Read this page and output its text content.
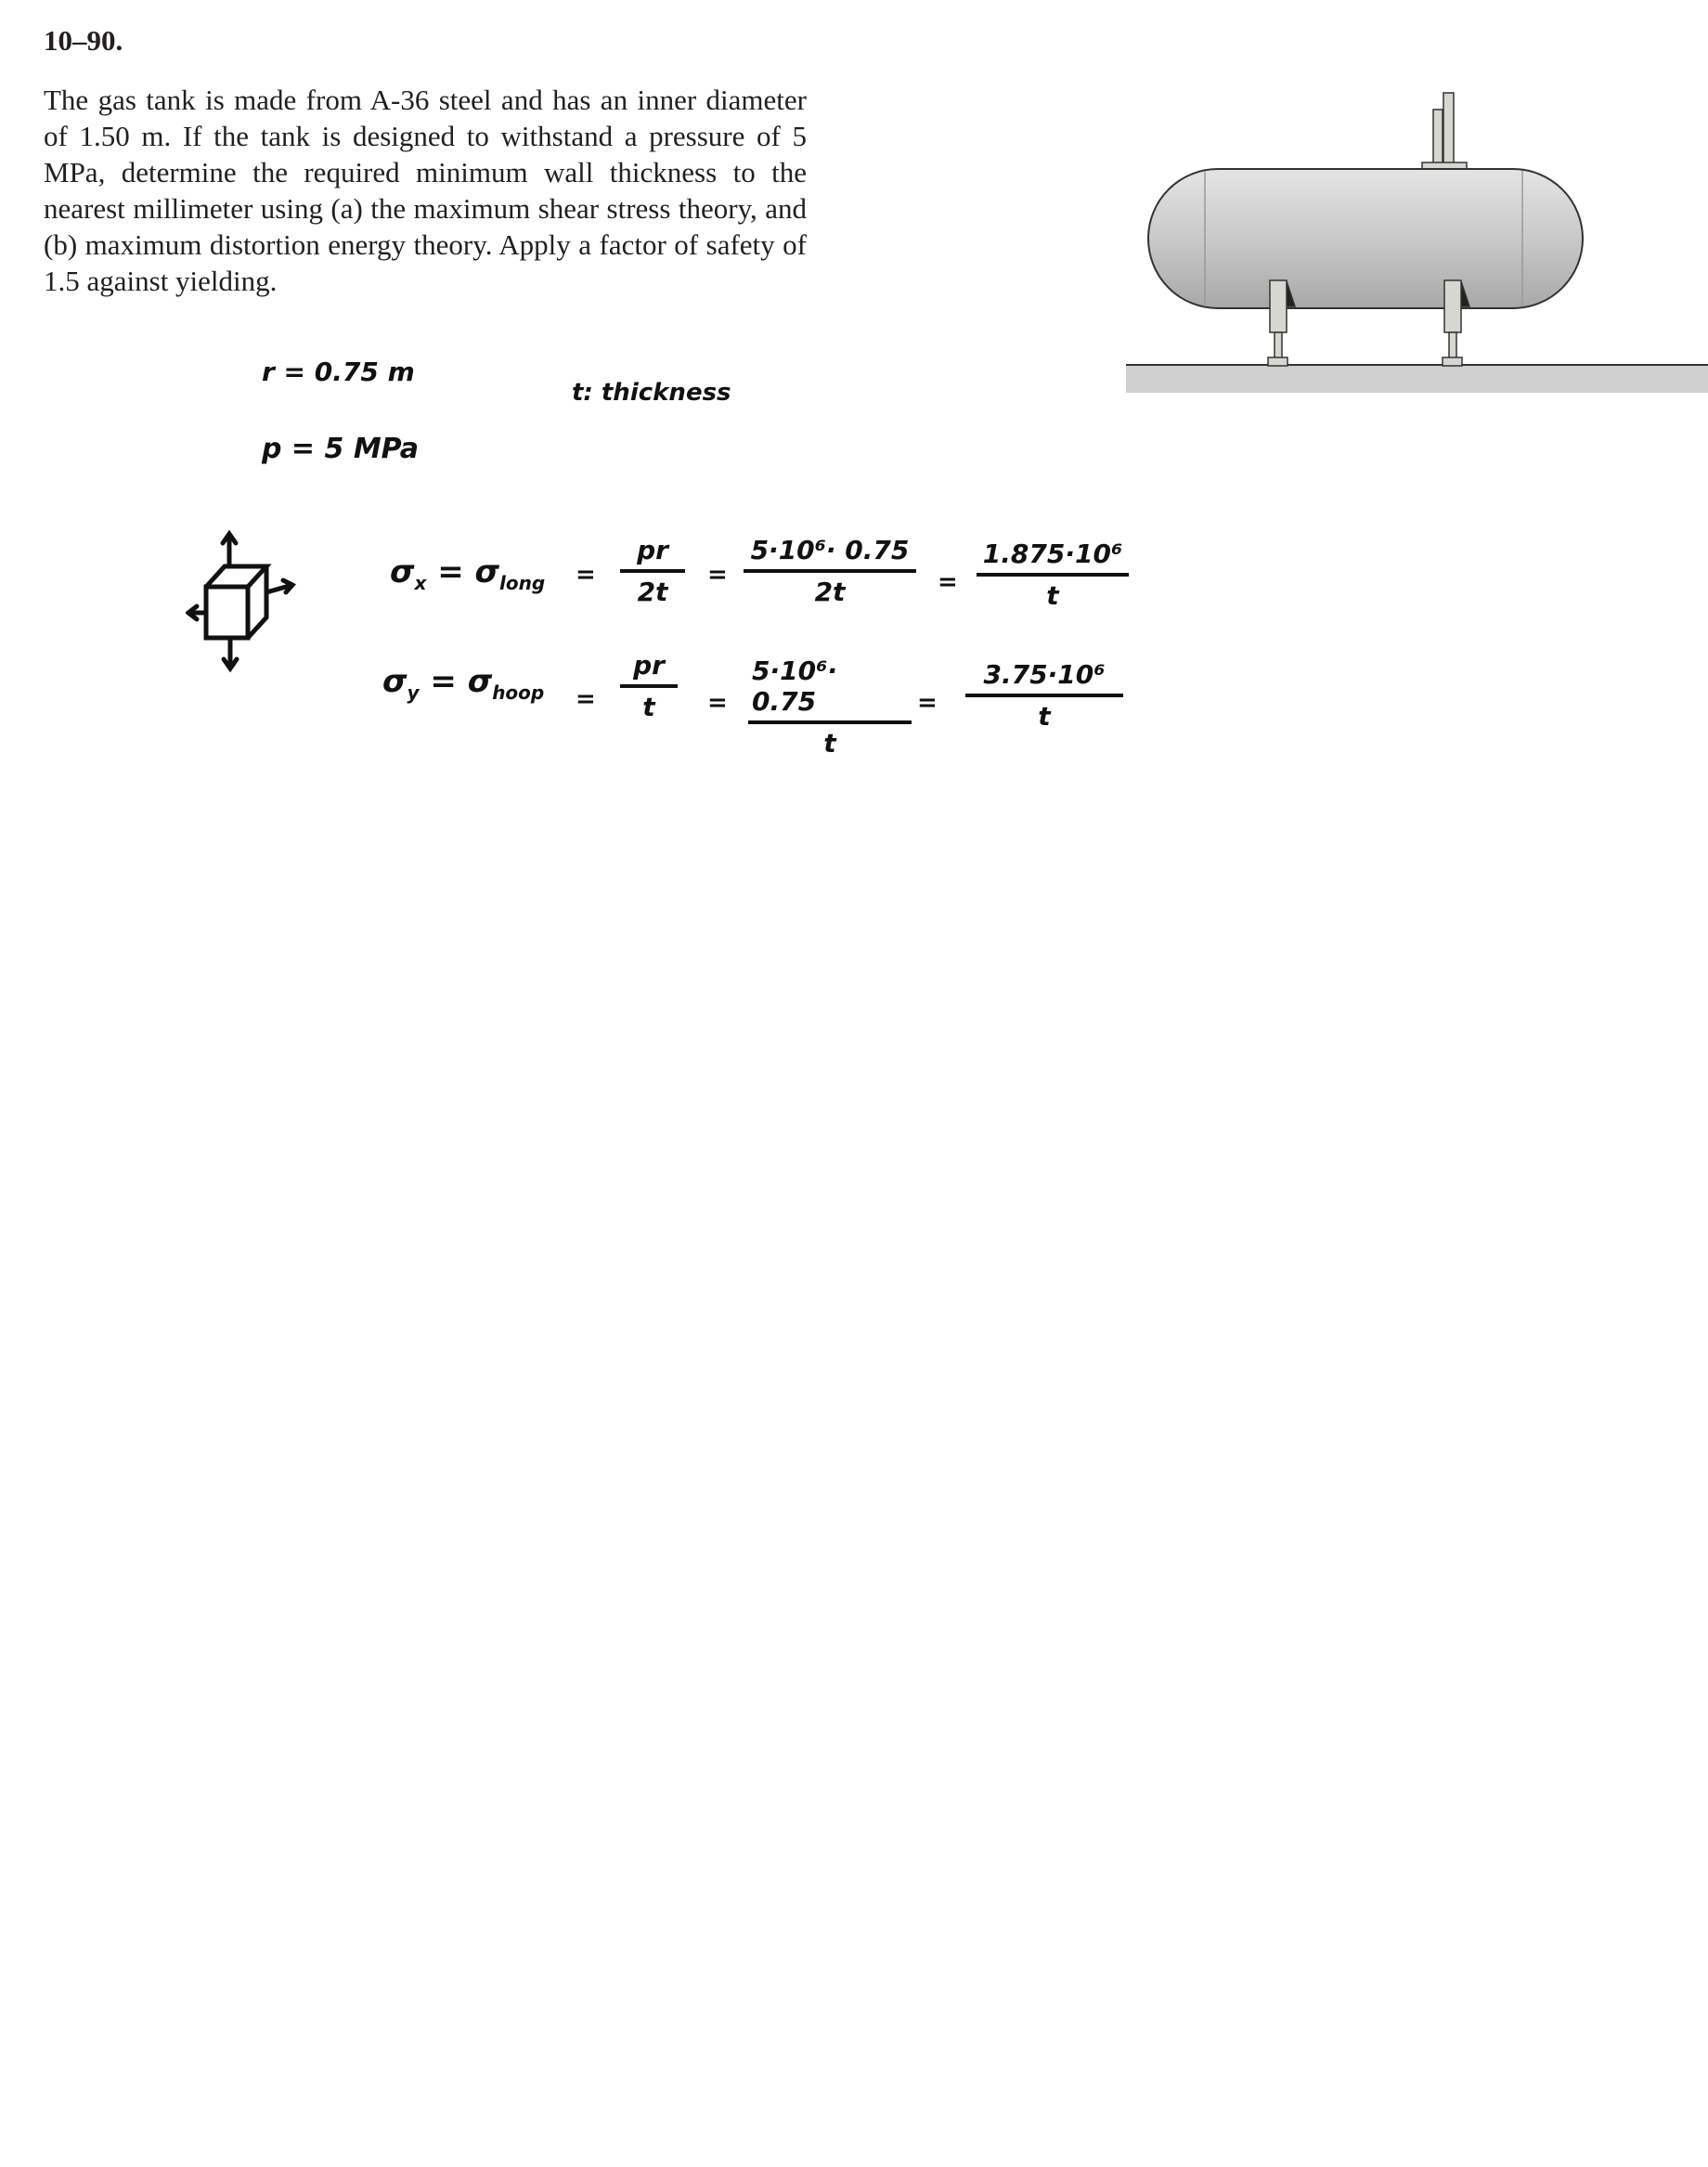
10–90.
The gas tank is made from A-36 steel and has an inner diameter of 1.50 m. If the tank is designed to withstand a pressure of 5 MPa, determine the required minimum wall thickness to the nearest millimeter using (a) the maximum shear stress theory, and (b) maximum distortion energy theory. Apply a factor of safety of 1.5 against yielding.
r = 0.75 m
t: thickness
p = 5 MPa
$\sigma_x = \sigma_{long}$ =
pr
2t
=
5·10⁶· 0.75
2t	=
1.875·10⁶
t
$\sigma_y = \sigma_{hoop}$ =
pr
t =
5·10⁶· 0.75
t
=
3.75·10⁶
t
